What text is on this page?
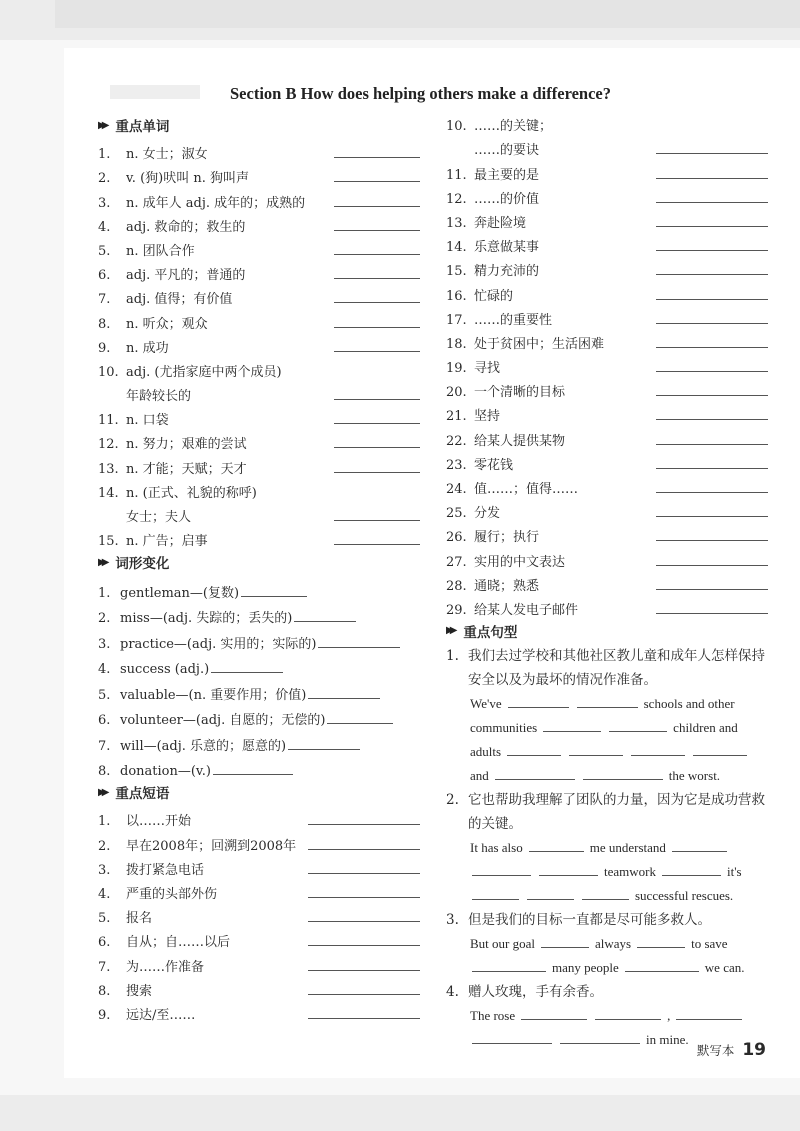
Section B How does helping others make a difference?
▶▶ 重点单词
1.	n. 女士；淑女
2.	v. (狗)吠叫 n. 狗叫声
3.	n. 成年人 adj. 成年的；成熟的
4.	adj. 救命的；救生的
5.	n. 团队合作
6.	adj. 平凡的；普通的
7.	adj. 值得；有价值
8.	n. 听众；观众
9.	n. 成功
10. adj. (尤指家庭中两个成员)
年龄较长的
11. n. 口袋
12. n. 努力；艰难的尝试
13. n. 才能；天赋；天才
14. n. (正式、礼貌的称呼)
女士；夫人
15. n. 广告；启事
▶▶ 词形变化
1. gentleman—(复数)
2. miss—(adj. 失踪的；丢失的)
3. practice—(adj. 实用的；实际的)
4. success (adj.)
5. valuable—(n. 重要作用；价值)
6. volunteer—(adj. 自愿的；无偿的)
7. will—(adj. 乐意的；愿意的)
8. donation—(v.)
▶▶ 重点短语
1.	以……开始
2.	早在2008年；回溯到2008年
3.	拨打紧急电话
4.	严重的头部外伤
5.	报名
6.	自从；自……以后
7.	为……作准备
8.	搜索
9.	远达/至……
10. ……的关键；
……的要诀
11. 最主要的是
12. ……的价值
13. 奔赴险境
14. 乐意做某事
15. 精力充沛的
16. 忙碌的
17. ……的重要性
18. 处于贫困中；生活困难
19. 寻找
20. 一个清晰的目标
21. 坚持
22. 给某人提供某物
23. 零花钱
24. 值……；值得……
25. 分发
26. 履行；执行
27. 实用的中文表达
28. 通晓；熟悉
29. 给某人发电子邮件
▶▶ 重点句型
1. 我们去过学校和其他社区教儿童和成年人怎样保持安全以及为最坏的情况作准备。
We've	schools and other
communities	children and
adults
and	the worst.
2. 它也帮助我理解了团队的力量，因为它是成功营救的关键。
It has also	me understand
teamwork	it's
successful rescues.
3. 但是我们的目标一直都是尽可能多救人。
But our goal	always	to save
many people	we can.
4. 赠人玫瑰，手有余香。
The rose	,
in mine.
默写本 19
